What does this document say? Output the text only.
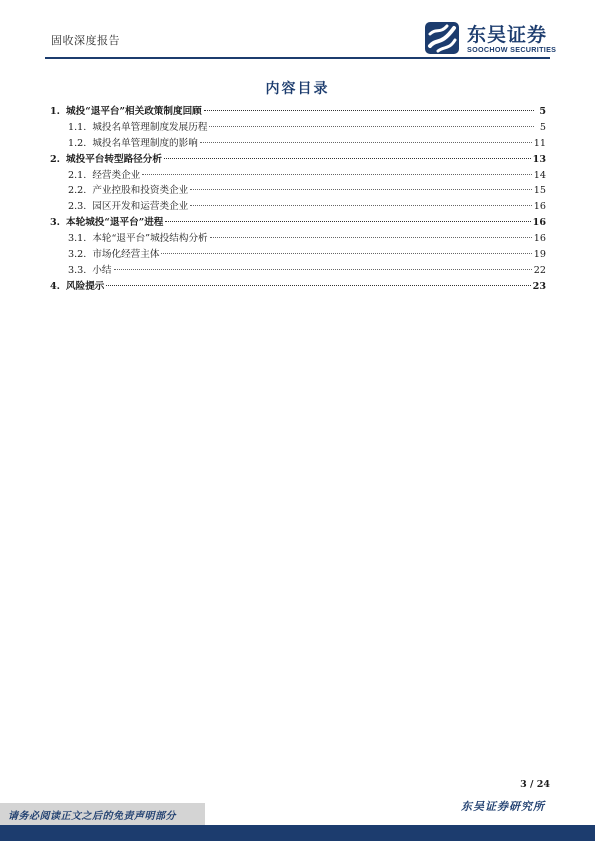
固收深度报告	东吴证券
SOOCHOW SECURITIES
内容目录
1. 城投“退平台”相关政策制度回顾	5
1.1. 城投名单管理制度发展历程	5
1.2. 城投名单管理制度的影响	11
2. 城投平台转型路径分析	13
2.1. 经营类企业	14
2.2. 产业控股和投资类企业	15
2.3. 园区开发和运营类企业	16
3. 本轮城投“退平台”进程	16
3.1. 本轮“退平台”城投结构分析	16
3.2. 市场化经营主体	19
3.3. 小结	22
4. 风险提示	23
3 / 24
请务必阅读正文之后的免责声明部分
东吴证券研究所
